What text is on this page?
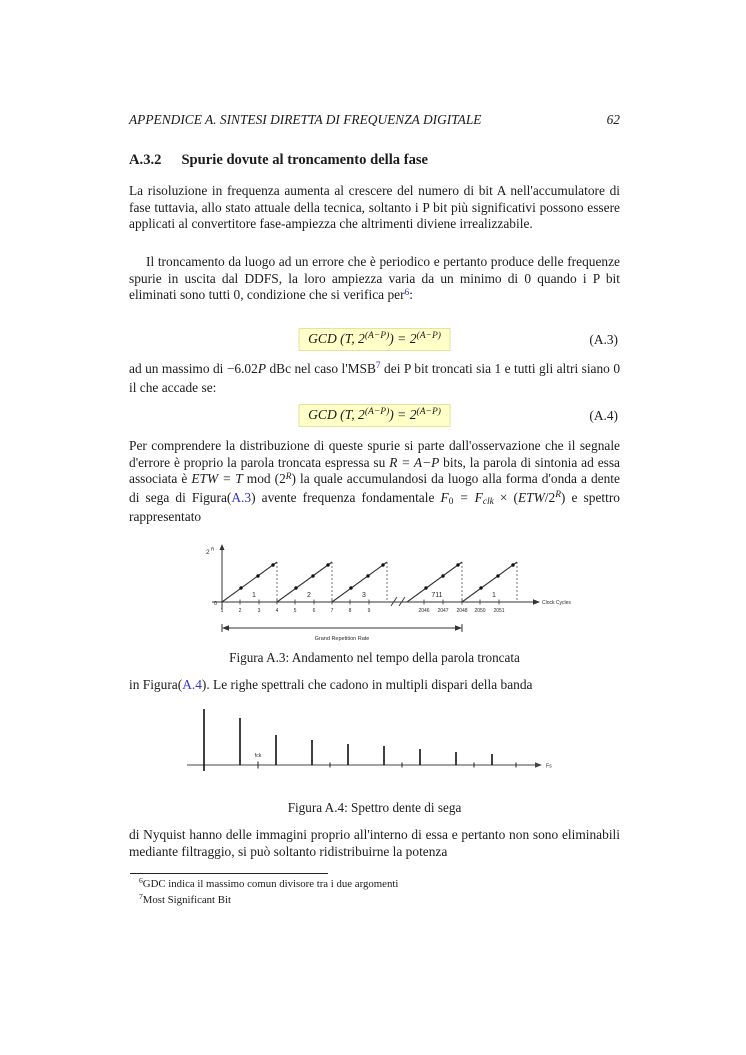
APPENDICE A. SINTESI DIRETTA DI FREQUENZA DIGITALE	62
A.3.2 Spurie dovute al troncamento della fase
La risoluzione in frequenza aumenta al crescere del numero di bit A nell'accumulatore di fase tuttavia, allo stato attuale della tecnica, soltanto i P bit più significativi possono essere applicati al convertitore fase-ampiezza che altrimenti diviene irrealizzabile.
Il troncamento da luogo ad un errore che è periodico e pertanto produce delle frequenze spurie in uscita dal DDFS, la loro ampiezza varia da un minimo di 0 quando i P bit eliminati sono tutti 0, condizione che si verifica per$^6$:
GCD (T, $2^{(A-P)}) = 2^{(A-P)}$	(A.3)
ad un massimo di −6.02P dBc nel caso l'MSB$^7$ dei P bit troncati sia 1 e tutti gli altri siano 0 il che accade se:
GCD (T, $2^{(A-P)}) = 2^{(A-P)}$	(A.4)
Per comprendere la distribuzione di queste spurie si parte dall'osservazione che il segnale d'errore è proprio la parola troncata espressa su R = A−P bits, la parola di sintonia ad essa associata è ETW = T mod $(2^R)$ la quale accumulandosi da luogo alla forma d'onda a dente di sega di Figura(A.3) avente frequenza fondamentale F0 = Fclk × $(ETW/2^R)$ e spettro rappresentato
2 R
0
1	2	3	711	1
1	2	3	4	5	6	7	8	9	2046 2047 2048 2050 2051
Clock Cycles
Grand Repetition Rate
Figura A.3: Andamento nel tempo della parola troncata
in Figura(A.4). Le righe spettrali che cadono in multipli dispari della banda
fck
Fs
Figura A.4: Spettro dente di sega
di Nyquist hanno delle immagini proprio all'interno di essa e pertanto non sono eliminabili mediante filtraggio, si può soltanto ridistribuirne la potenza
$^6$GDC indica il massimo comun divisore tra i due argomenti
$^7$Most Significant Bit
